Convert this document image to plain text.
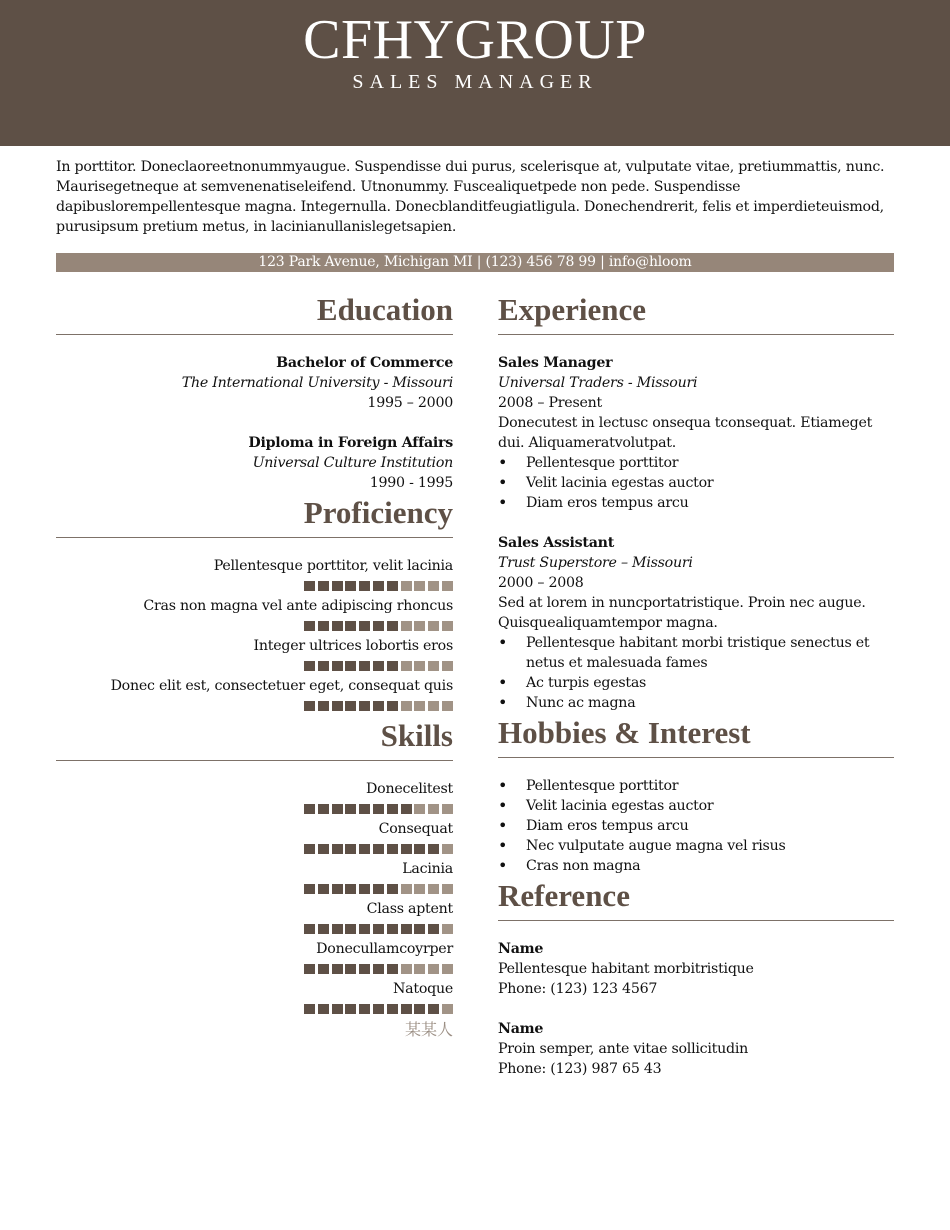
CFHYGROUP
SALES MANAGER
In porttitor. Doneclaoreetnonummyaugue. Suspendisse dui purus, scelerisque at, vulputate vitae, pretiummattis, nunc. Maurisegetneque at semvenenatiseleifend. Utnonummy. Fuscealiquetpede non pede. Suspendisse dapibuslorempellentesque magna. Integernulla. Donecblanditfeugiatligula. Donechendrerit, felis et imperdieteuismod, purusipsum pretium metus, in lacinianullanislegetsapien.
123 Park Avenue, Michigan MI | (123) 456 78 99 | info@hloom
Education
Bachelor of Commerce
The International University - Missouri
1995 – 2000
Diploma in Foreign Affairs
Universal Culture Institution
1990 - 1995
Proficiency
Pellentesque porttitor, velit lacinia
Cras non magna vel ante adipiscing rhoncus
Integer ultrices lobortis eros
Donec elit est, consectetuer eget, consequat quis
Skills
Donecelitest
Consequat
Lacinia
Class aptent
Donecullamcoyrper
Natoque
某某人
Experience
Sales Manager
Universal Traders - Missouri
2008 – Present
Donecutest in lectusc onsequa tconsequat. Etiameget dui. Aliquameratvolutpat.
• Pellentesque porttitor
• Velit lacinia egestas auctor
• Diam eros tempus arcu
Sales Assistant
Trust Superstore – Missouri
2000 – 2008
Sed at lorem in nuncportatristique. Proin nec augue. Quisquealiquamtempor magna.
• Pellentesque habitant morbi tristique senectus et netus et malesuada fames
• Ac turpis egestas
• Nunc ac magna
Hobbies & Interest
• Pellentesque porttitor
• Velit lacinia egestas auctor
• Diam eros tempus arcu
• Nec vulputate augue magna vel risus
• Cras non magna
Reference
Name
Pellentesque habitant morbitristique
Phone: (123) 123 4567
Name
Proin semper, ante vitae sollicitudin
Phone: (123) 987 65 43
